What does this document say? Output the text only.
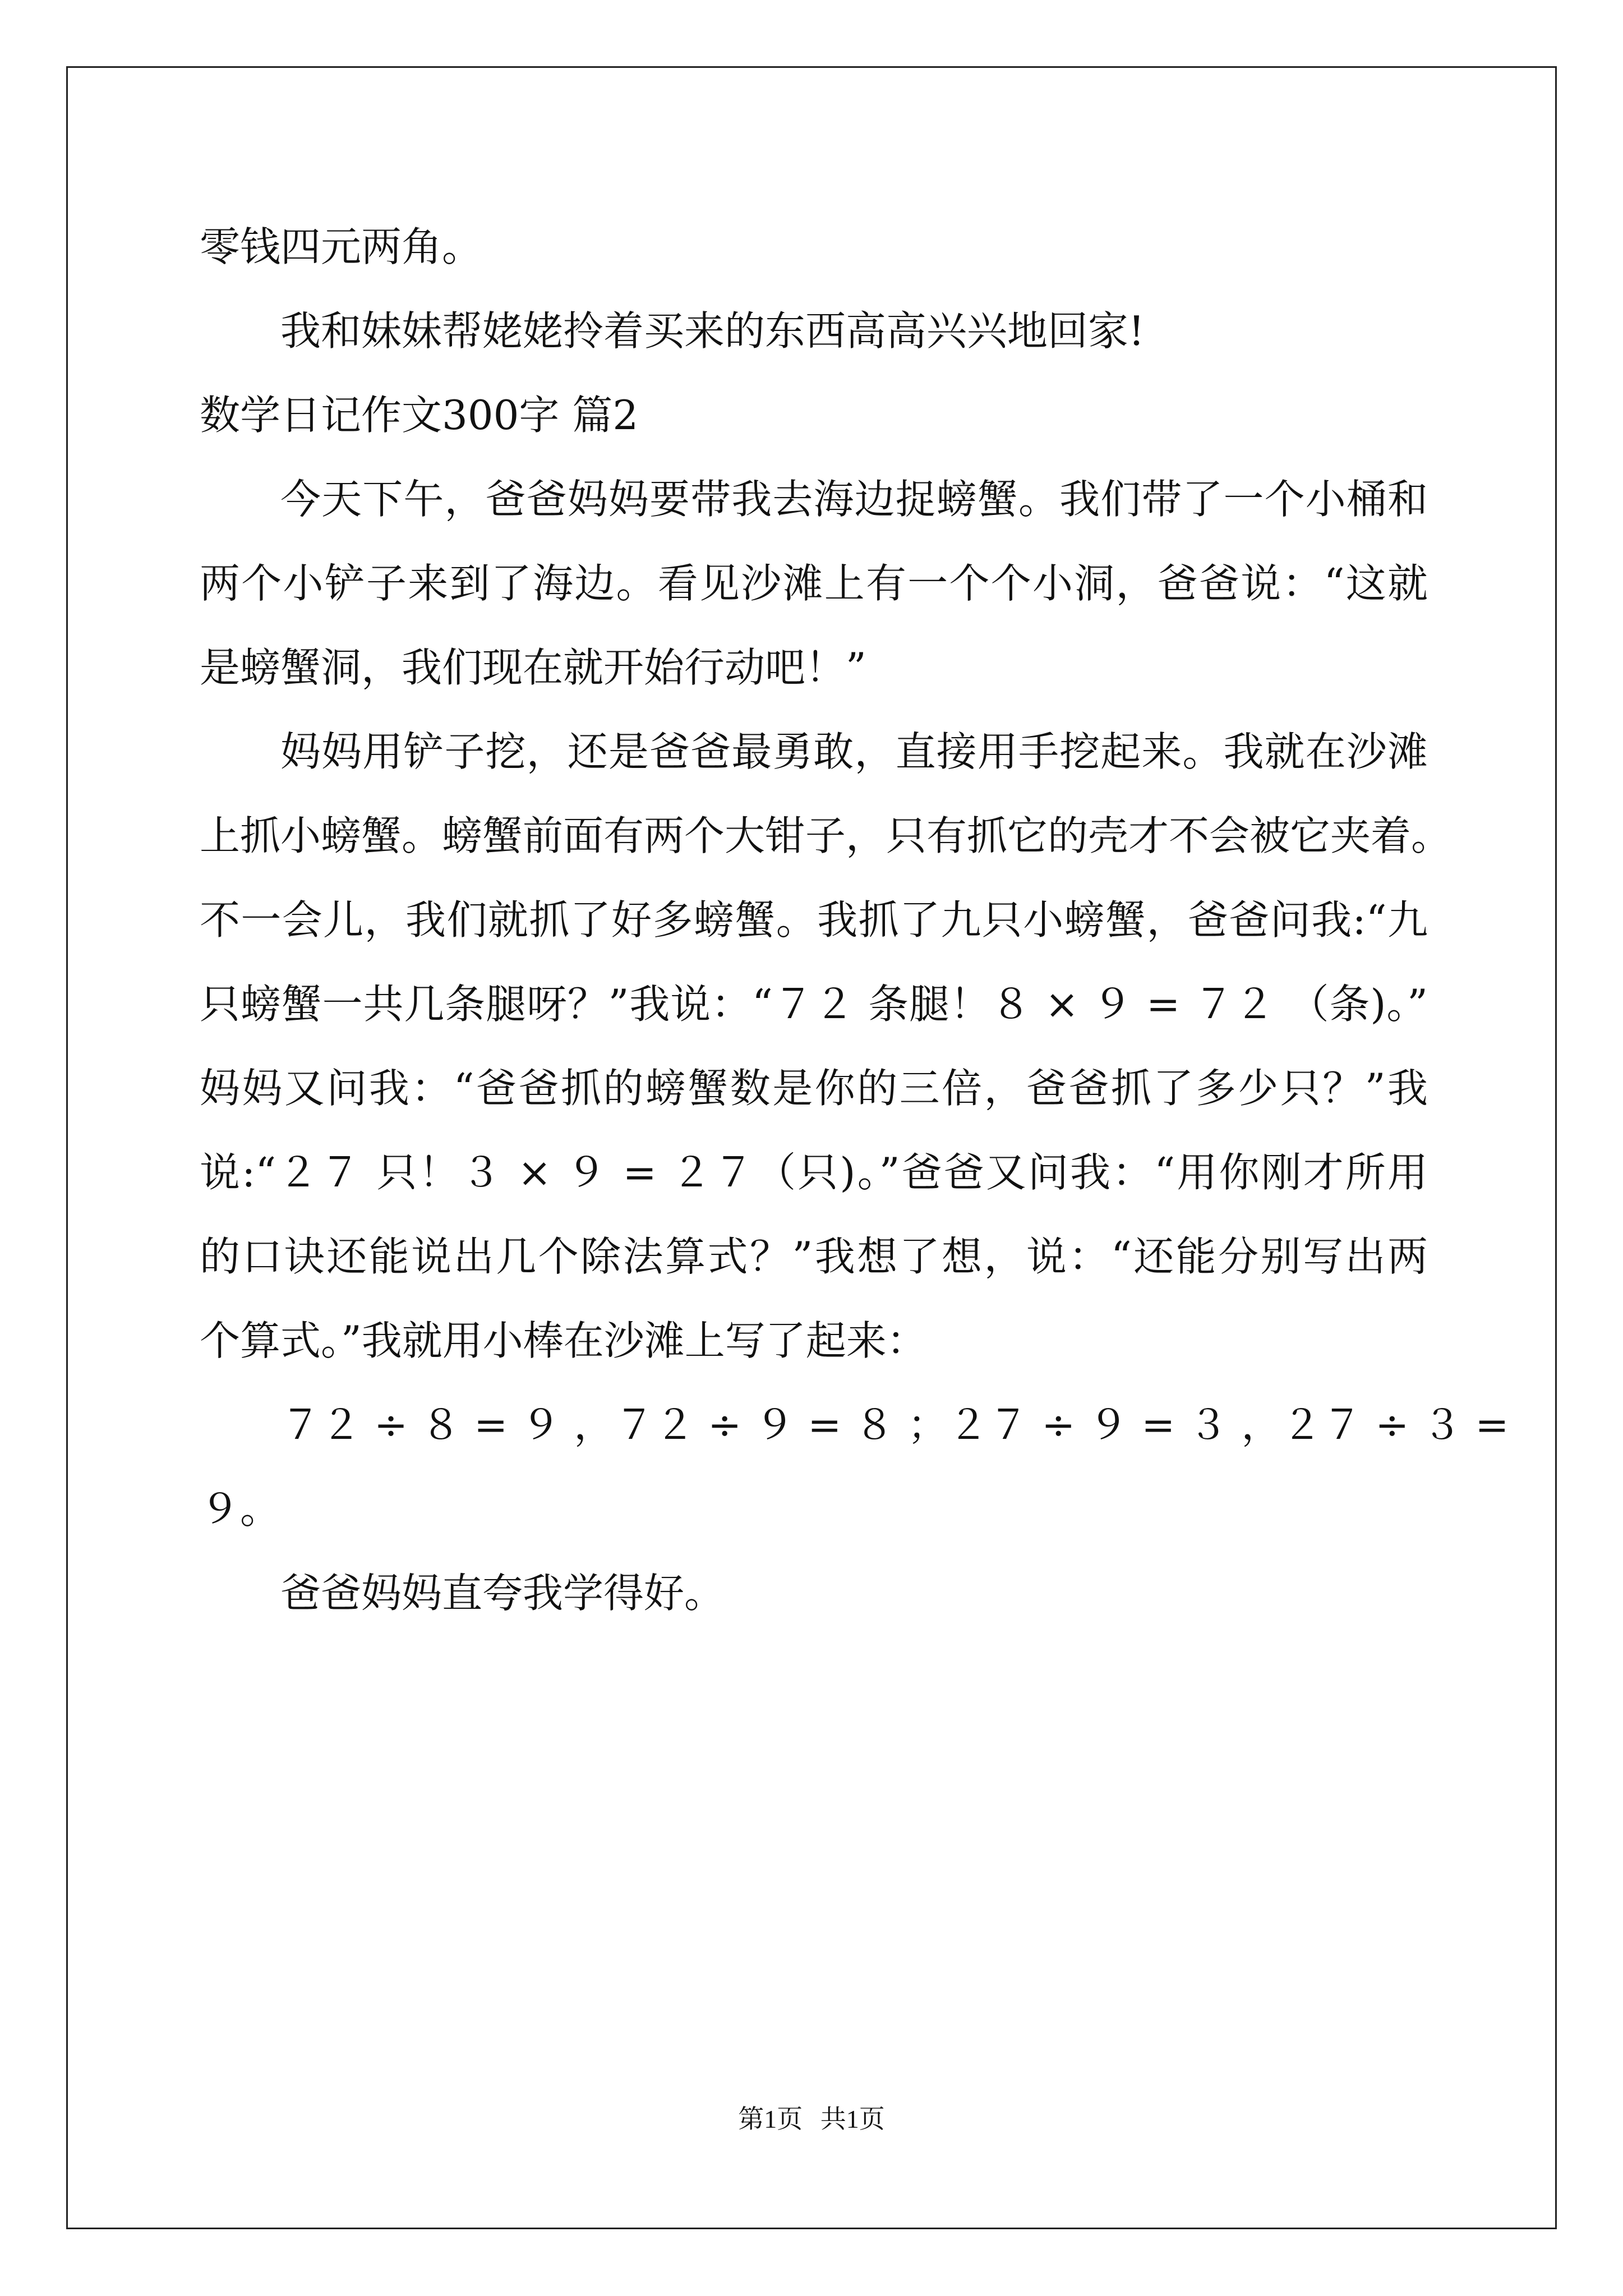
零钱四元两角。
我和妹妹帮姥姥拎着买来的东西高高兴兴地回家!
数学日记作文300字 篇2
今天下午，爸爸妈妈要带我去海边捉螃蟹。我们带了一个小桶和
两个小铲子来到了海边。看见沙滩上有一个个小洞，爸爸说：“这就
是螃蟹洞，我们现在就开始行动吧！”
妈妈用铲子挖，还是爸爸最勇敢，直接用手挖起来。我就在沙滩
上抓小螃蟹。螃蟹前面有两个大钳子，只有抓它的壳才不会被它夹着。
不一会儿，我们就抓了好多螃蟹。我抓了九只小螃蟹，爸爸问我:“九
只螃蟹一共几条腿呀？”我说：“７２ 条腿！８ × ９ = ７２ （条)。”
妈妈又问我：“爸爸抓的螃蟹数是你的三倍，爸爸抓了多少只？”我
说:“２７ 只！３ × ９ = ２７（只)。”爸爸又问我：“用你刚才所用
的口诀还能说出几个除法算式？”我想了想，说：“还能分别写出两
个算式。”我就用小棒在沙滩上写了起来：
７２ ÷ ８ = ９ ，７２ ÷ ９ = ８ ；２７ ÷ ９ = ３ ，２７ ÷ ３ =
９。
爸爸妈妈直夸我学得好。
第1页 共1页
